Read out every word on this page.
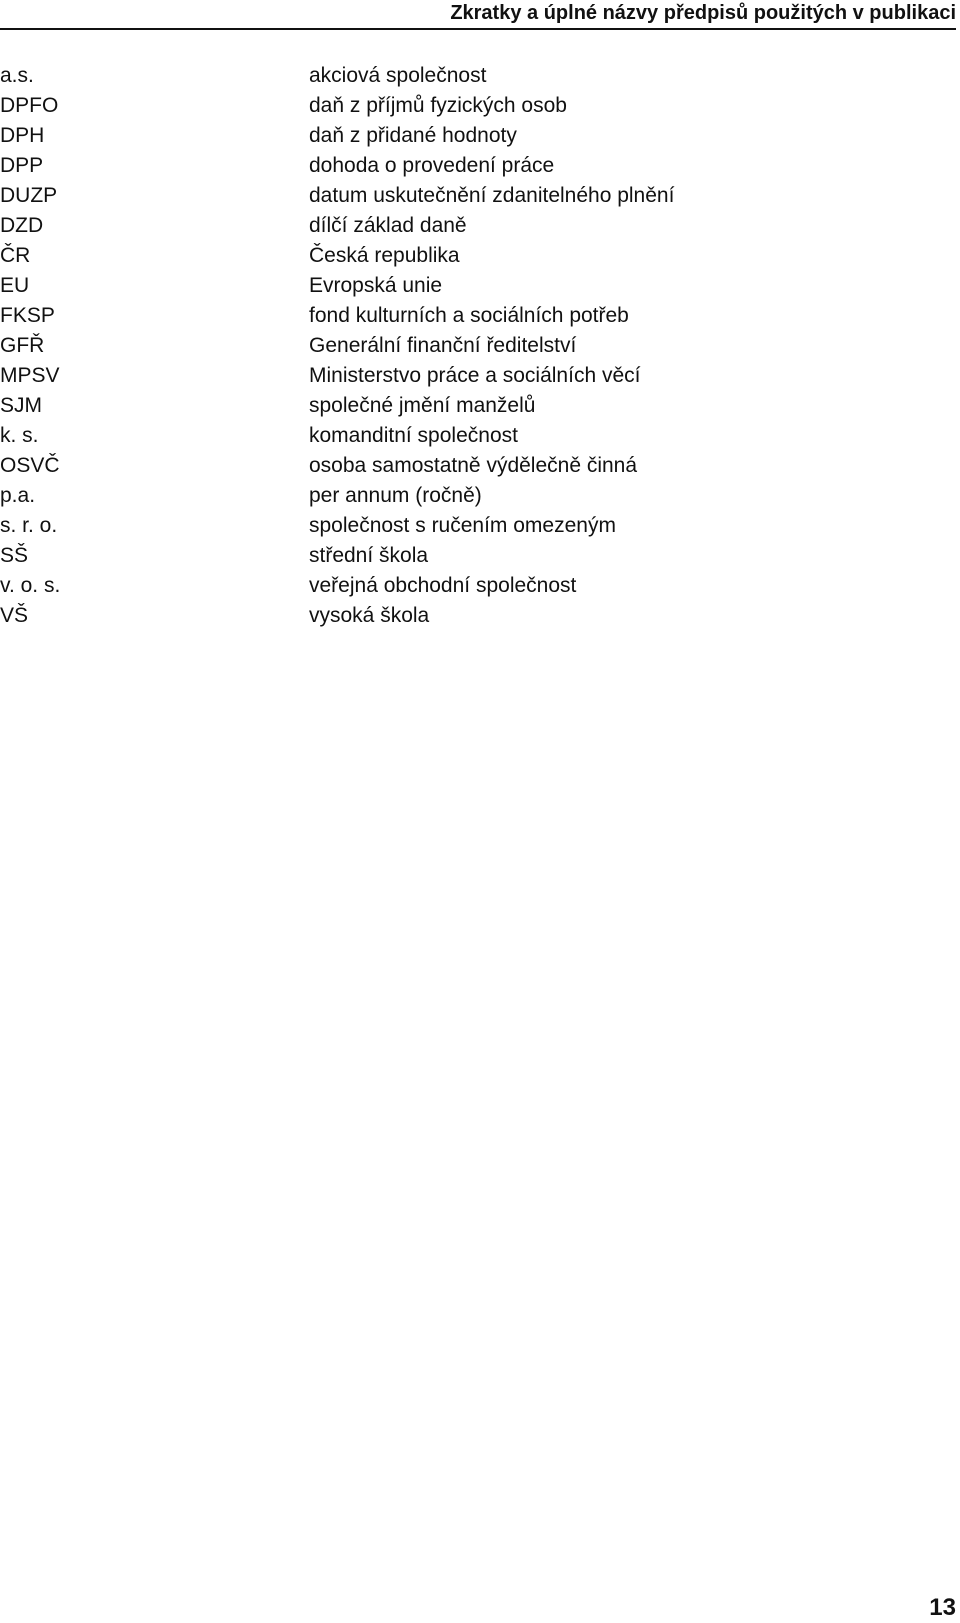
Zkratky a úplné názvy předpisů použitých v publikaci
a.s.	akciová společnost
DPFO	daň z příjmů fyzických osob
DPH	daň z přidané hodnoty
DPP	dohoda o provedení práce
DUZP	datum uskutečnění zdanitelného plnění
DZD	dílčí základ daně
ČR	Česká republika
EU	Evropská unie
FKSP	fond kulturních a sociálních potřeb
GFŘ	Generální finanční ředitelství
MPSV	Ministerstvo práce a sociálních věcí
SJM	společné jmění manželů
k. s.	komanditní společnost
OSVČ	osoba samostatně výdělečně činná
p.a.	per annum (ročně)
s. r. o.	společnost s ručením omezeným
SŠ	střední škola
v. o. s.	veřejná obchodní společnost
VŠ	vysoká škola
13
